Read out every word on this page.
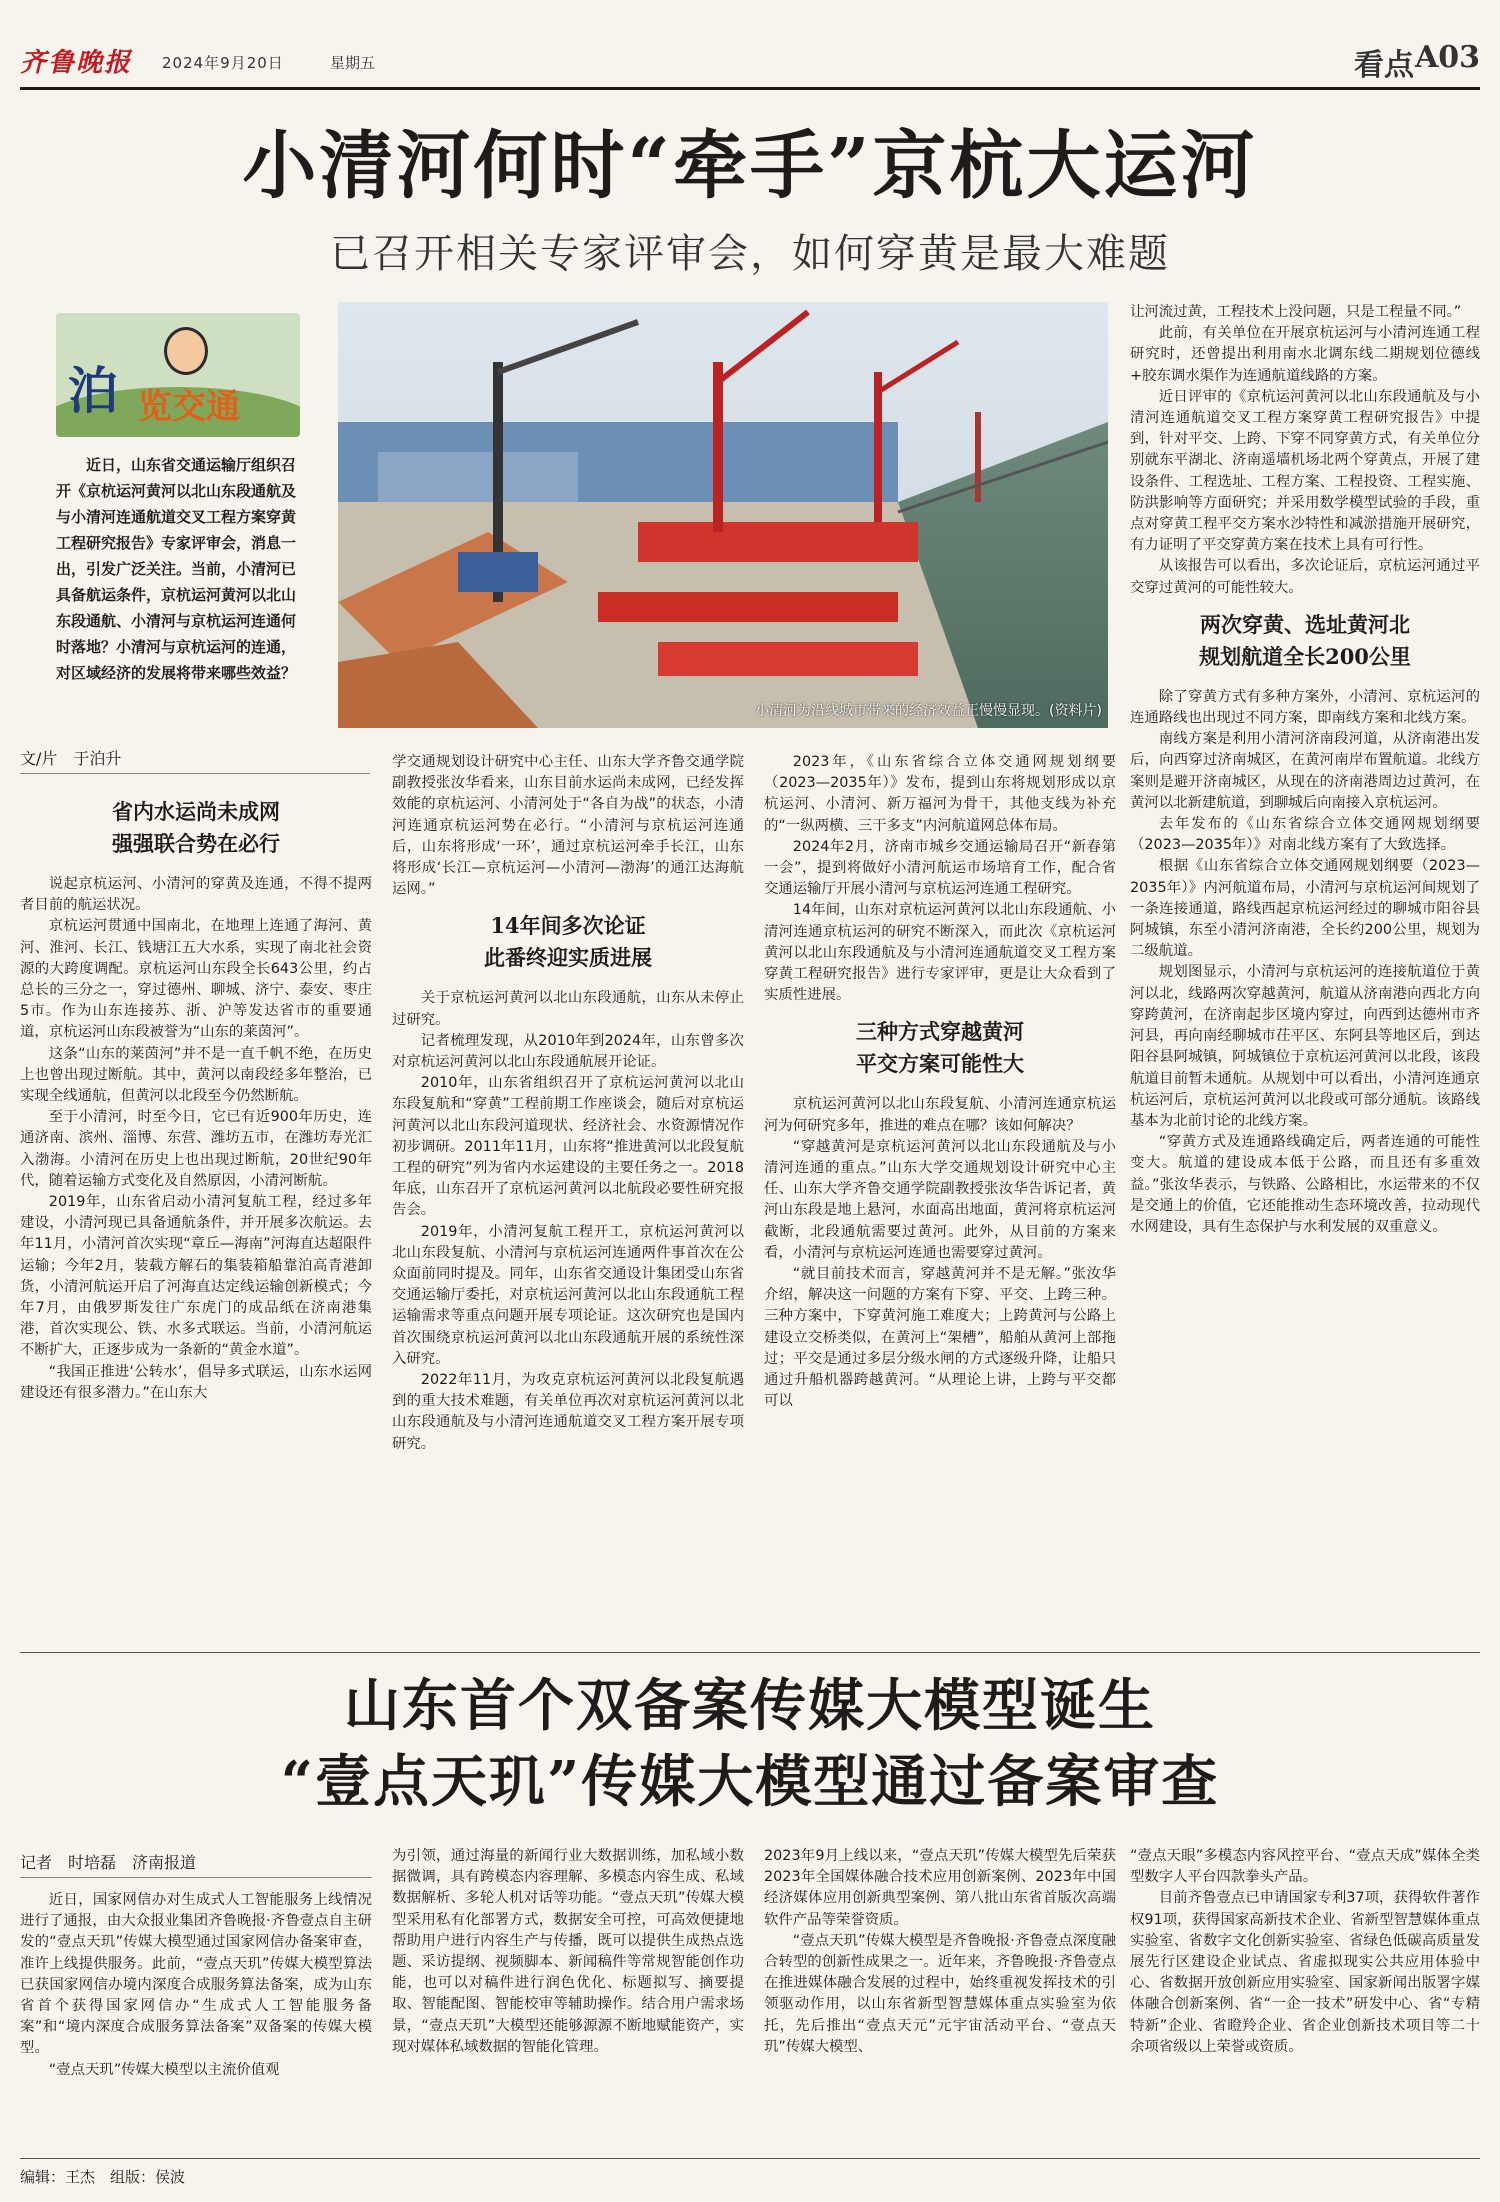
齐鲁晚报 2024年9月20日	星期五	看点 A03
小清河何时“牵手”京杭大运河
已召开相关专家评审会，如何穿黄是最大难题
泊 览交通
近日，山东省交通运输厅组织召开《京杭运河黄河以北山东段通航及与小清河连通航道交叉工程方案穿黄工程研究报告》专家评审会，消息一出，引发广泛关注。当前，小清河已具备航运条件，京杭运河黄河以北山东段通航、小清河与京杭运河连通何时落地？小清河与京杭运河的连通，对区域经济的发展将带来哪些效益？
小清河为沿线城市带来的经济效益正慢慢显现。(资料片)
文/片　于泊升
省内水运尚未成网
强强联合势在必行

说起京杭运河、小清河的穿黄及连通，不得不提两者目前的航运状况。

京杭运河贯通中国南北，在地理上连通了海河、黄河、淮河、长江、钱塘江五大水系，实现了南北社会资源的大跨度调配。京杭运河山东段全长643公里，约占总长的三分之一，穿过德州、聊城、济宁、泰安、枣庄5市。作为山东连接苏、浙、沪等发达省市的重要通道，京杭运河山东段被誉为“山东的莱茵河”。

这条“山东的莱茵河”并不是一直千帆不绝，在历史上也曾出现过断航。其中，黄河以南段经多年整治，已实现全线通航，但黄河以北段至今仍然断航。

至于小清河，时至今日，它已有近900年历史，连通济南、滨州、淄博、东营、潍坊五市，在潍坊寿光汇入渤海。小清河在历史上也出现过断航，20世纪90年代，随着运输方式变化及自然原因，小清河断航。

2019年，山东省启动小清河复航工程，经过多年建设，小清河现已具备通航条件，并开展多次航运。去年11月，小清河首次实现“章丘—海南”河海直达超限件运输；今年2月，装载方解石的集装箱船靠泊高青港卸货，小清河航运开启了河海直达定线运输创新模式；今年7月，由俄罗斯发往广东虎门的成品纸在济南港集港，首次实现公、铁、水多式联运。当前，小清河航运不断扩大，正逐步成为一条新的“黄金水道”。

“我国正推进‘公转水’，倡导多式联运，山东水运网建设还有很多潜力。”在山东大

学交通规划设计研究中心主任、山东大学齐鲁交通学院副教授张汝华看来，山东目前水运尚未成网，已经发挥效能的京杭运河、小清河处于“各自为战”的状态，小清河连通京杭运河势在必行。“小清河与京杭运河连通后，山东将形成‘一环’，通过京杭运河牵手长江，山东将形成‘长江—京杭运河—小清河—渤海’的通江达海航运网。”

14年间多次论证
此番终迎实质进展

关于京杭运河黄河以北山东段通航，山东从未停止过研究。

记者梳理发现，从2010年到2024年，山东曾多次对京杭运河黄河以北山东段通航展开论证。

2010年，山东省组织召开了京杭运河黄河以北山东段复航和“穿黄”工程前期工作座谈会，随后对京杭运河黄河以北山东段河道现状、经济社会、水资源情况作初步调研。2011年11月，山东将“推进黄河以北段复航工程的研究”列为省内水运建设的主要任务之一。2018年底，山东召开了京杭运河黄河以北航段必要性研究报告会。

2019年，小清河复航工程开工，京杭运河黄河以北山东段复航、小清河与京杭运河连通两件事首次在公众面前同时提及。同年，山东省交通设计集团受山东省交通运输厅委托，对京杭运河黄河以北山东段通航工程运输需求等重点问题开展专项论证。这次研究也是国内首次围绕京杭运河黄河以北山东段通航开展的系统性深入研究。

2022年11月，为攻克京杭运河黄河以北段复航遇到的重大技术难题，有关单位再次对京杭运河黄河以北山东段通航及与小清河连通航道交叉工程方案开展专项研究。

2023年，《山东省综合立体交通网规划纲要（2023—2035年）》发布，提到山东将规划形成以京杭运河、小清河、新万福河为骨干，其他支线为补充的“一纵两横、三干多支”内河航道网总体布局。

2024年2月，济南市城乡交通运输局召开“新春第一会”，提到将做好小清河航运市场培育工作，配合省交通运输厅开展小清河与京杭运河连通工程研究。

14年间，山东对京杭运河黄河以北山东段通航、小清河连通京杭运河的研究不断深入，而此次《京杭运河黄河以北山东段通航及与小清河连通航道交叉工程方案穿黄工程研究报告》进行专家评审，更是让大众看到了实质性进展。

三种方式穿越黄河
平交方案可能性大

京杭运河黄河以北山东段复航、小清河连通京杭运河为何研究多年，推进的难点在哪？该如何解决？

“穿越黄河是京杭运河黄河以北山东段通航及与小清河连通的重点。”山东大学交通规划设计研究中心主任、山东大学齐鲁交通学院副教授张汝华告诉记者，黄河山东段是地上悬河，水面高出地面，黄河将京杭运河截断，北段通航需要过黄河。此外，从目前的方案来看，小清河与京杭运河连通也需要穿过黄河。

“就目前技术而言，穿越黄河并不是无解。”张汝华介绍，解决这一问题的方案有下穿、平交、上跨三种。三种方案中，下穿黄河施工难度大；上跨黄河与公路上建设立交桥类似，在黄河上“架槽”，船舶从黄河上部拖过；平交是通过多层分级水闸的方式逐级升降，让船只通过升船机器跨越黄河。“从理论上讲，上跨与平交都可以

让河流过黄，工程技术上没问题，只是工程量不同。”

此前，有关单位在开展京杭运河与小清河连通工程研究时，还曾提出利用南水北调东线二期规划位德线+胶东调水渠作为连通航道线路的方案。

近日评审的《京杭运河黄河以北山东段通航及与小清河连通航道交叉工程方案穿黄工程研究报告》中提到，针对平交、上跨、下穿不同穿黄方式，有关单位分别就东平湖北、济南遥墙机场北两个穿黄点，开展了建设条件、工程选址、工程方案、工程投资、工程实施、防洪影响等方面研究；并采用数学模型试验的手段，重点对穿黄工程平交方案水沙特性和减淤措施开展研究，有力证明了平交穿黄方案在技术上具有可行性。

从该报告可以看出，多次论证后，京杭运河通过平交穿过黄河的可能性较大。

两次穿黄、选址黄河北
规划航道全长200公里

除了穿黄方式有多种方案外，小清河、京杭运河的连通路线也出现过不同方案，即南线方案和北线方案。

南线方案是利用小清河济南段河道，从济南港出发后，向西穿过济南城区，在黄河南岸布置航道。北线方案则是避开济南城区，从现在的济南港周边过黄河，在黄河以北新建航道，到聊城后向南接入京杭运河。

去年发布的《山东省综合立体交通网规划纲要（2023—2035年）》对南北线方案有了大致选择。

根据《山东省综合立体交通网规划纲要（2023—2035年）》内河航道布局，小清河与京杭运河间规划了一条连接通道，路线西起京杭运河经过的聊城市阳谷县阿城镇，东至小清河济南港，全长约200公里，规划为二级航道。

规划图显示，小清河与京杭运河的连接航道位于黄河以北，线路两次穿越黄河，航道从济南港向西北方向穿跨黄河，在济南起步区境内穿过，向西到达德州市齐河县，再向南经聊城市茌平区、东阿县等地区后，到达阳谷县阿城镇，阿城镇位于京杭运河黄河以北段，该段航道目前暂未通航。从规划中可以看出，小清河连通京杭运河后，京杭运河黄河以北段或可部分通航。该路线基本为北前讨论的北线方案。

“穿黄方式及连通路线确定后，两者连通的可能性变大。航道的建设成本低于公路，而且还有多重效益。”张汝华表示，与铁路、公路相比，水运带来的不仅是交通上的价值，它还能推动生态环境改善，拉动现代水网建设，具有生态保护与水利发展的双重意义。

山东首个双备案传媒大模型诞生
“壹点天玑”传媒大模型通过备案审查
记者　时培磊　济南报道

近日，国家网信办对生成式人工智能服务上线情况进行了通报，由大众报业集团齐鲁晚报·齐鲁壹点自主研发的“壹点天玑”传媒大模型通过国家网信办备案审查，准许上线提供服务。此前，“壹点天玑”传媒大模型算法已获国家网信办境内深度合成服务算法备案，成为山东省首个获得国家网信办“生成式人工智能服务备案”和“境内深度合成服务算法备案”双备案的传媒大模型。

“壹点天玑”传媒大模型以主流价值观

为引领，通过海量的新闻行业大数据训练，加私域小数据微调，具有跨模态内容理解、多模态内容生成、私域数据解析、多轮人机对话等功能。“壹点天玑”传媒大模型采用私有化部署方式，数据安全可控，可高效便捷地帮助用户进行内容生产与传播，既可以提供生成热点选题、采访提纲、视频脚本、新闻稿件等常规智能创作功能，也可以对稿件进行润色优化、标题拟写、摘要提取、智能配图、智能校审等辅助操作。结合用户需求场景，“壹点天玑”大模型还能够源源不断地赋能资产，实现对媒体私域数据的智能化管理。

2023年9月上线以来，“壹点天玑”传媒大模型先后荣获2023年全国媒体融合技术应用创新案例、2023年中国经济媒体应用创新典型案例、第八批山东省首版次高端软件产品等荣誉资质。

“壹点天玑”传媒大模型是齐鲁晚报·齐鲁壹点深度融合转型的创新性成果之一。近年来，齐鲁晚报·齐鲁壹点在推进媒体融合发展的过程中，始终重视发挥技术的引领驱动作用，以山东省新型智慧媒体重点实验室为依托，先后推出“壹点天元”元宇宙活动平台、“壹点天玑”传媒大模型、

“壹点天眼”多模态内容风控平台、“壹点天成”媒体全类型数字人平台四款拳头产品。

目前齐鲁壹点已申请国家专利37项，获得软件著作权91项，获得国家高新技术企业、省新型智慧媒体重点实验室、省数字文化创新实验室、省绿色低碳高质量发展先行区建设企业试点、省虚拟现实公共应用体验中心、省数据开放创新应用实验室、国家新闻出版署字媒体融合创新案例、省“一企一技术”研发中心、省“专精特新”企业、省瞪羚企业、省企业创新技术项目等二十余项省级以上荣誉或资质。

编辑：王杰　组版：侯波
